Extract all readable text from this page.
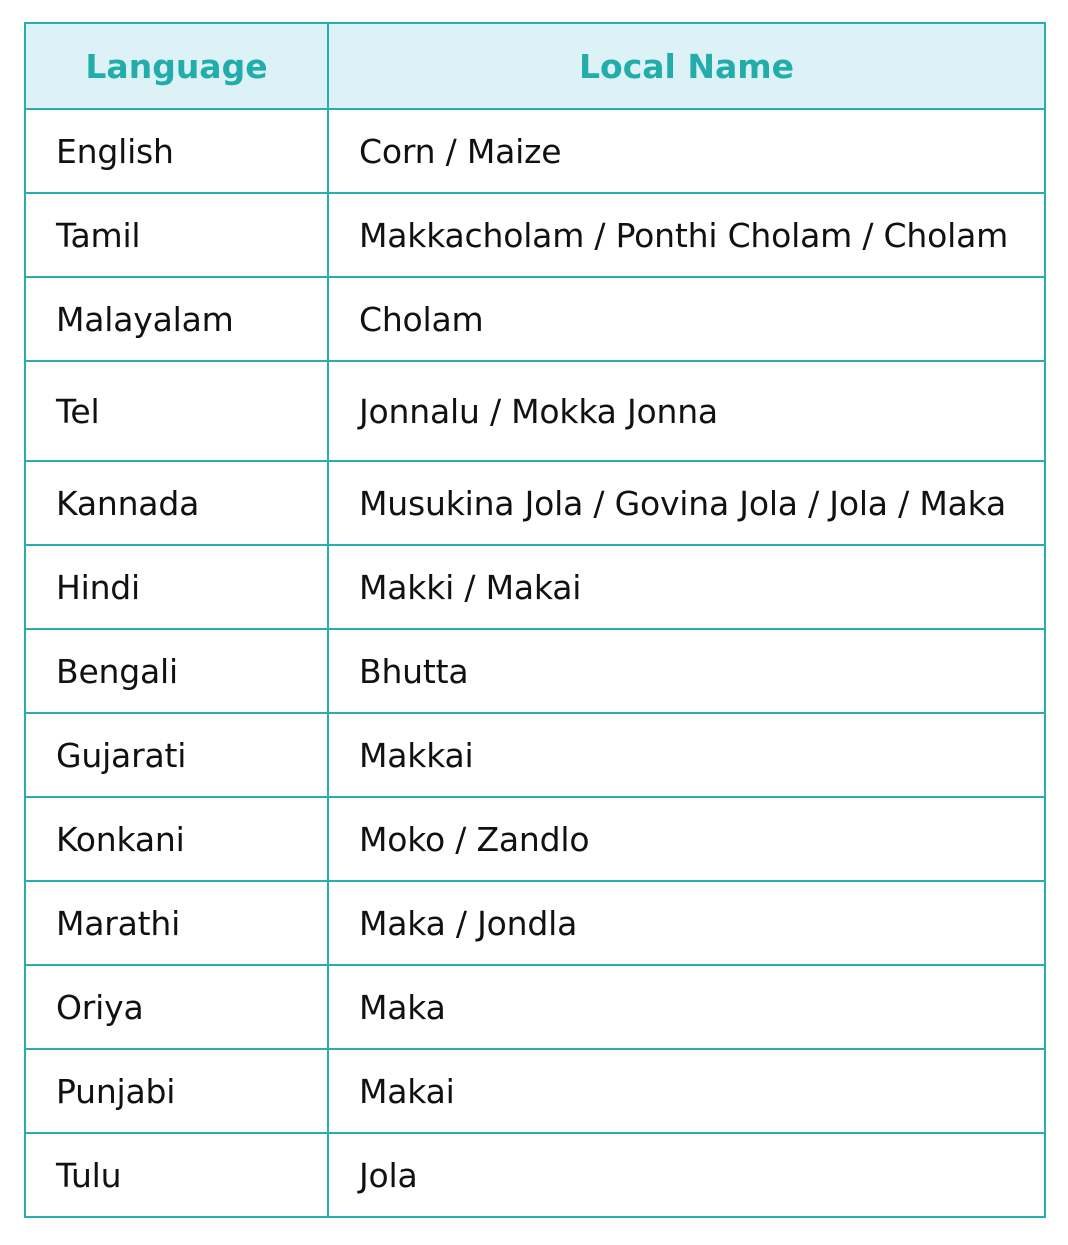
Language	Local Name
English	Corn / Maize
Tamil	Makkacholam / Ponthi Cholam / Cholam
Malayalam	Cholam
Tel	Jonnalu / Mokka Jonna
Kannada	Musukina Jola / Govina Jola / Jola / Maka
Hindi	Makki / Makai
Bengali	Bhutta
Gujarati	Makkai
Konkani	Moko / Zandlo
Marathi	Maka / Jondla
Oriya	Maka
Punjabi	Makai
Tulu	Jola
